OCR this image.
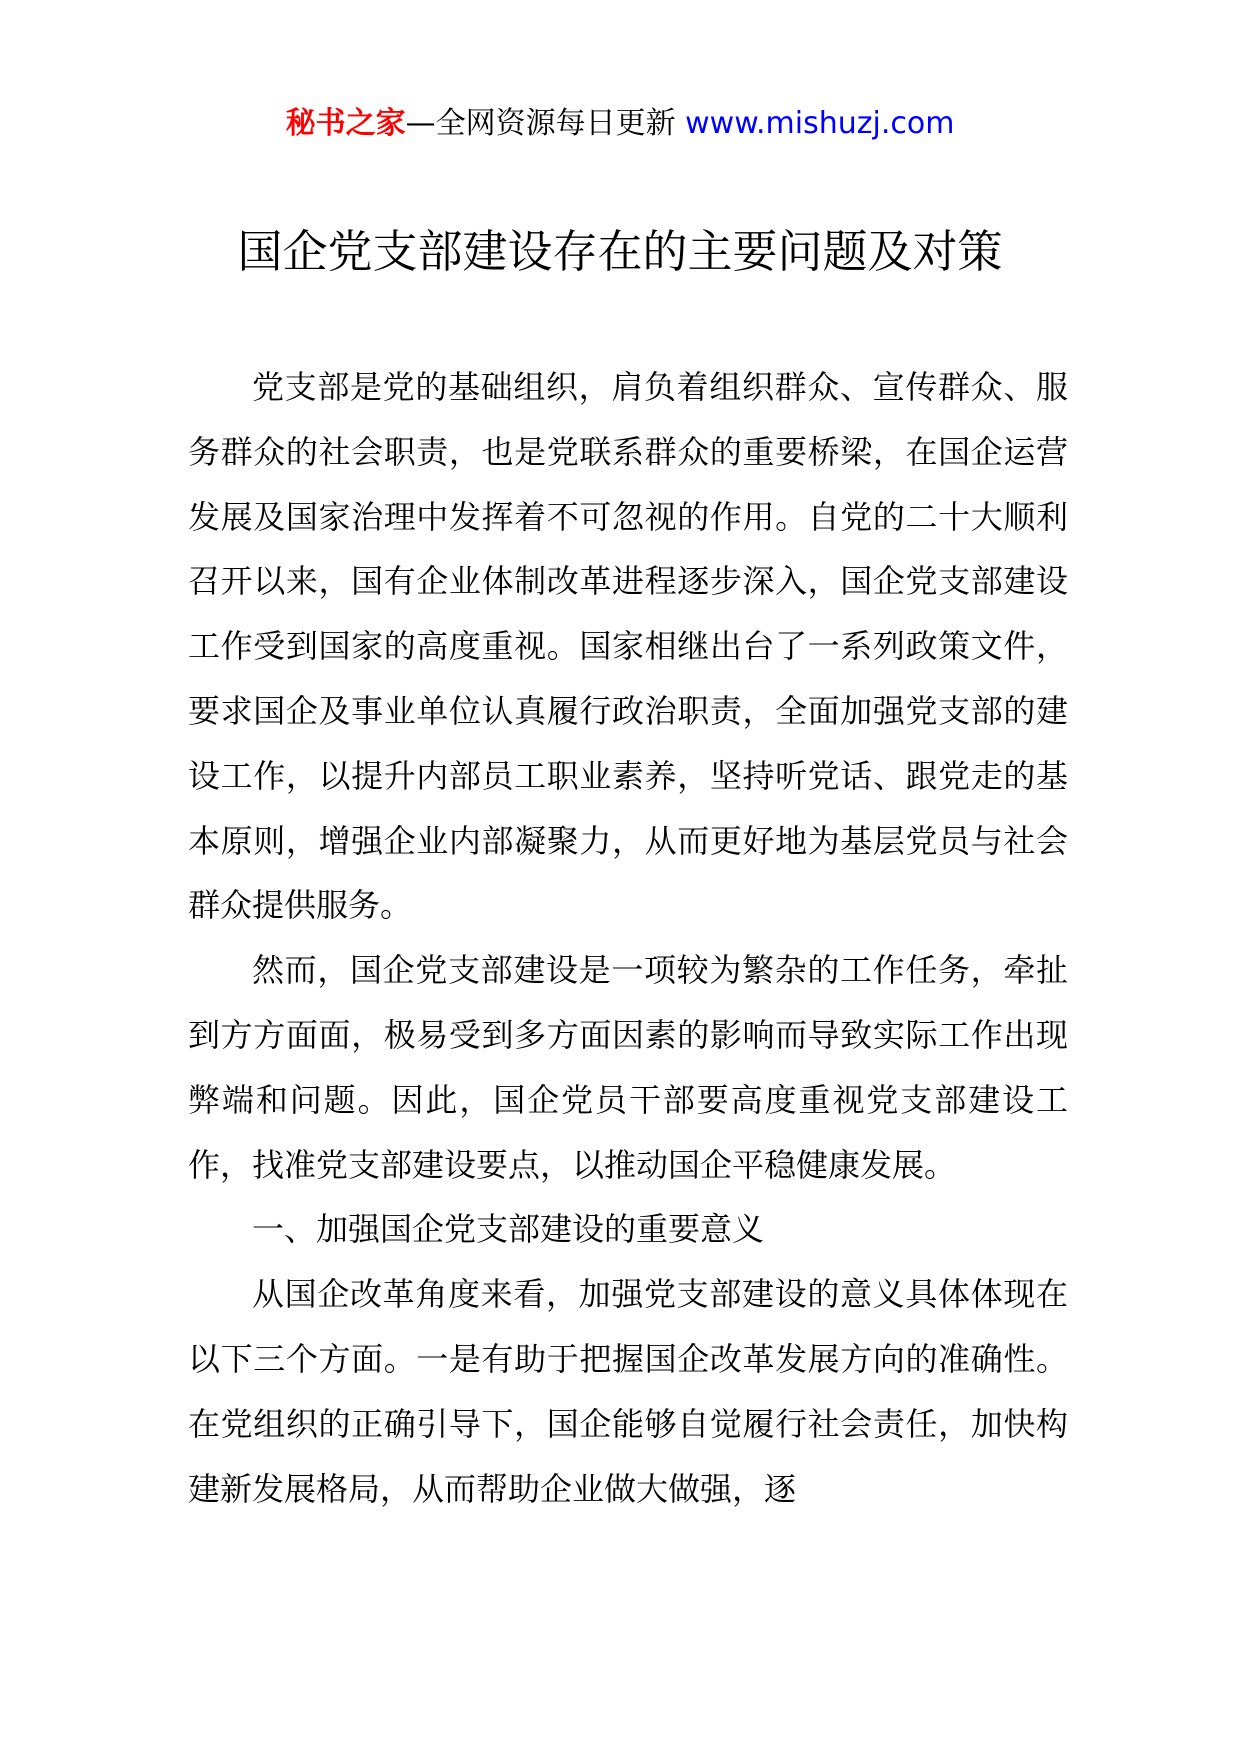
秘书之家—全网资源每日更新 www.mishuzj.com
国企党支部建设存在的主要问题及对策

党支部是党的基础组织，肩负着组织群众、宣传群众、服务群众的社会职责，也是党联系群众的重要桥梁，在国企运营发展及国家治理中发挥着不可忽视的作用。自党的二十大顺利召开以来，国有企业体制改革进程逐步深入，国企党支部建设工作受到国家的高度重视。国家相继出台了一系列政策文件，要求国企及事业单位认真履行政治职责，全面加强党支部的建设工作，以提升内部员工职业素养，坚持听党话、跟党走的基本原则，增强企业内部凝聚力，从而更好地为基层党员与社会群众提供服务。

然而，国企党支部建设是一项较为繁杂的工作任务，牵扯到方方面面，极易受到多方面因素的影响而导致实际工作出现弊端和问题。因此，国企党员干部要高度重视党支部建设工作，找准党支部建设要点，以推动国企平稳健康发展。

一、加强国企党支部建设的重要意义

从国企改革角度来看，加强党支部建设的意义具体体现在以下三个方面。一是有助于把握国企改革发展方向的准确性。在党组织的正确引导下，国企能够自觉履行社会责任，加快构建新发展格局，从而帮助企业做大做强，逐
